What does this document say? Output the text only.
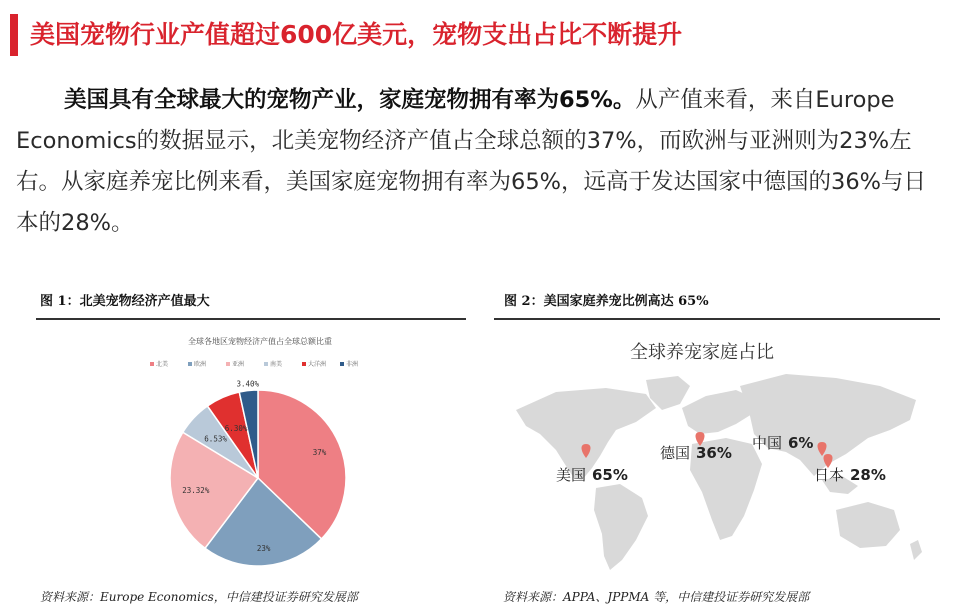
美国宠物行业产值超过600亿美元，宠物支出占比不断提升
美国具有全球最大的宠物产业，家庭宠物拥有率为65%。从产值来看，来自Europe Economics的数据显示，北美宠物经济产值占全球总额的37%，而欧洲与亚洲则为23%左右。从家庭养宠比例来看，美国家庭宠物拥有率为65%，远高于发达国家中德国的36%与日本的28%。
图 1：北美宠物经济产值最大	图 2：美国家庭养宠比例高达 65%
全球各地区宠物经济产值占全球总额比重
北美	欧洲	亚洲	南美	大洋洲	非洲
37%
23%
23.32%
6.53%
6.30%
3.40%
全球养宠家庭占比
美国 65%
德国 36%
中国 6%
日本 28%
资料来源：Europe Economics，中信建投证券研究发展部	资料来源：APPA、JPPMA 等，中信建投证券研究发展部
